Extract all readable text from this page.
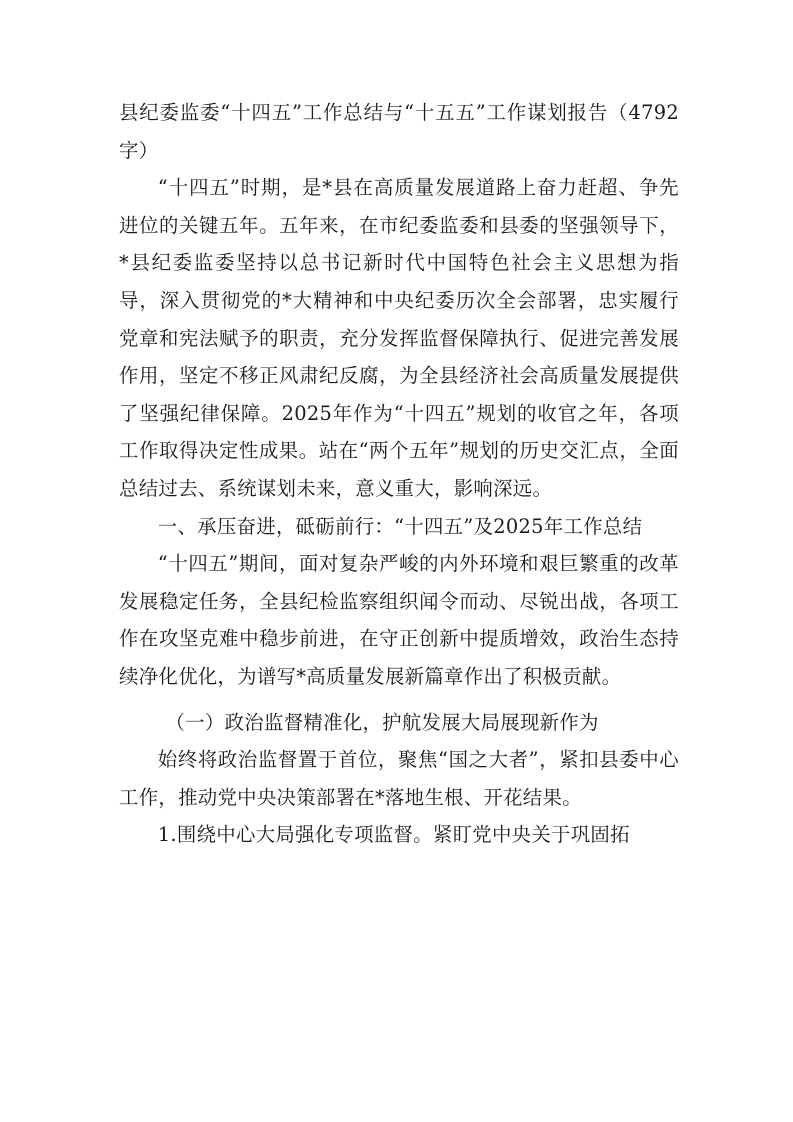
县纪委监委“十四五”工作总结与“十五五”工作谋划报告（4792字）

“十四五”时期，是*县在高质量发展道路上奋力赶超、争先进位的关键五年。五年来，在市纪委监委和县委的坚强领导下，*县纪委监委坚持以总书记新时代中国特色社会主义思想为指导，深入贯彻党的*大精神和中央纪委历次全会部署，忠实履行党章和宪法赋予的职责，充分发挥监督保障执行、促进完善发展作用，坚定不移正风肃纪反腐，为全县经济社会高质量发展提供了坚强纪律保障。2025年作为“十四五”规划的收官之年，各项工作取得决定性成果。站在“两个五年”规划的历史交汇点，全面总结过去、系统谋划未来，意义重大，影响深远。

一、承压奋进，砥砺前行：“十四五”及2025年工作总结

“十四五”期间，面对复杂严峻的内外环境和艰巨繁重的改革发展稳定任务，全县纪检监察组织闻令而动、尽锐出战，各项工作在攻坚克难中稳步前进，在守正创新中提质增效，政治生态持续净化优化，为谱写*高质量发展新篇章作出了积极贡献。

（一）政治监督精准化，护航发展大局展现新作为

始终将政治监督置于首位，聚焦“国之大者”，紧扣县委中心工作，推动党中央决策部署在*落地生根、开花结果。

1.围绕中心大局强化专项监督。紧盯党中央关于巩固拓
